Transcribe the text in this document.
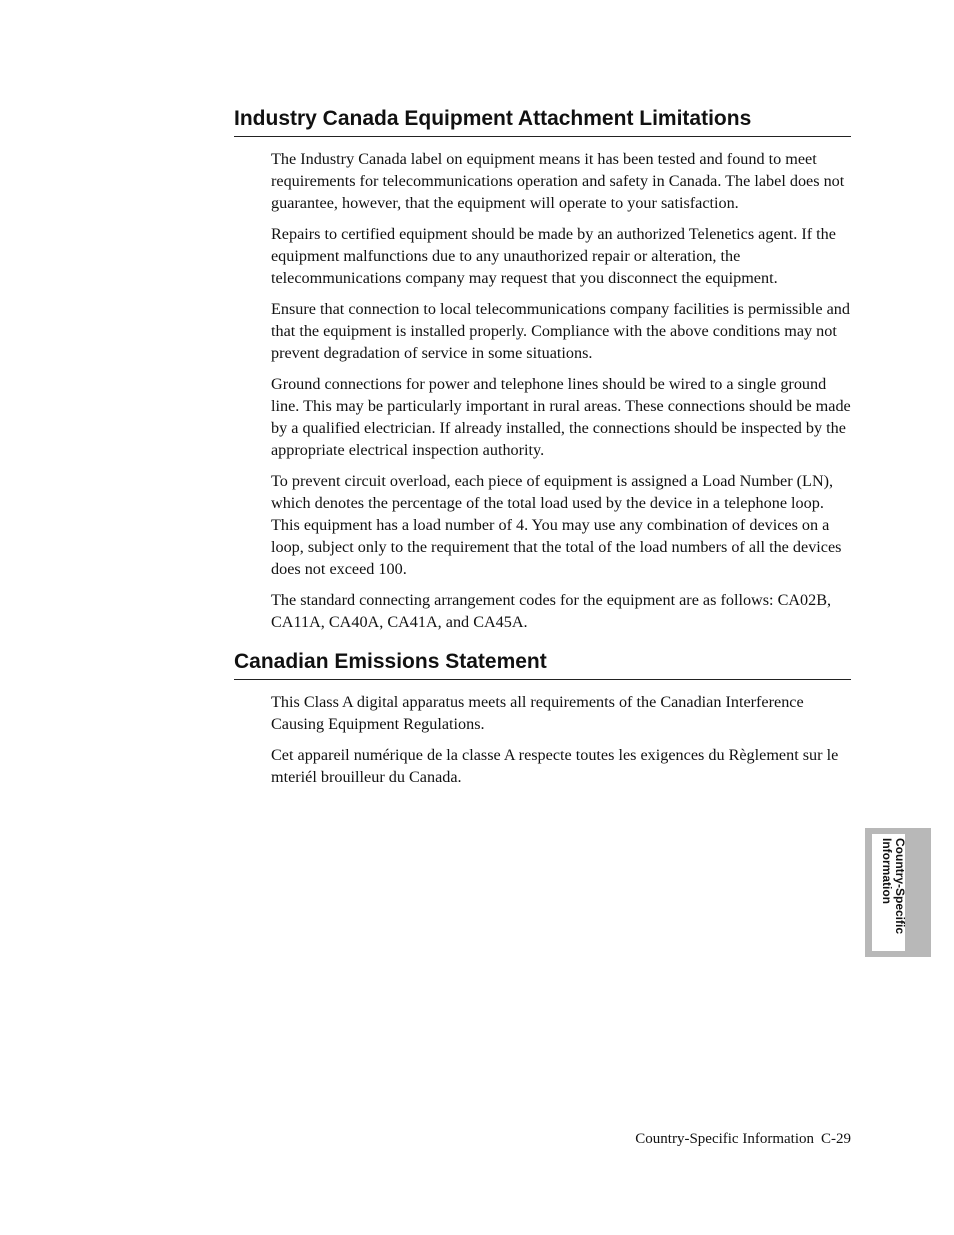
Industry Canada Equipment Attachment Limitations

The Industry Canada label on equipment means it has been tested and found to meet requirements for telecommunications operation and safety in Canada. The label does not guarantee, however, that the equipment will operate to your satisfaction.

Repairs to certified equipment should be made by an authorized Telenetics agent. If the equipment malfunctions due to any unauthorized repair or alteration, the telecommunications company may request that you disconnect the equipment.

Ensure that connection to local telecommunications company facilities is permissible and that the equipment is installed properly. Compliance with the above conditions may not prevent degradation of service in some situations.

Ground connections for power and telephone lines should be wired to a single ground line. This may be particularly important in rural areas. These connections should be made by a qualified electrician. If already installed, the connections should be inspected by the appropriate electrical inspection authority.

To prevent circuit overload, each piece of equipment is assigned a Load Number (LN), which denotes the percentage of the total load used by the device in a telephone loop. This equipment has a load number of 4. You may use any combination of devices on a loop, subject only to the requirement that the total of the load numbers of all the devices does not exceed 100.

The standard connecting arrangement codes for the equipment are as follows: CA02B, CA11A, CA40A, CA41A, and CA45A.

Canadian Emissions Statement

This Class A digital apparatus meets all requirements of the Canadian Interference Causing Equipment Regulations.

Cet appareil numérique de la classe A respecte toutes les exigences du Règlement sur le mteriél brouilleur du Canada.

Country-Specific
Information
Country-Specific Information C-29
